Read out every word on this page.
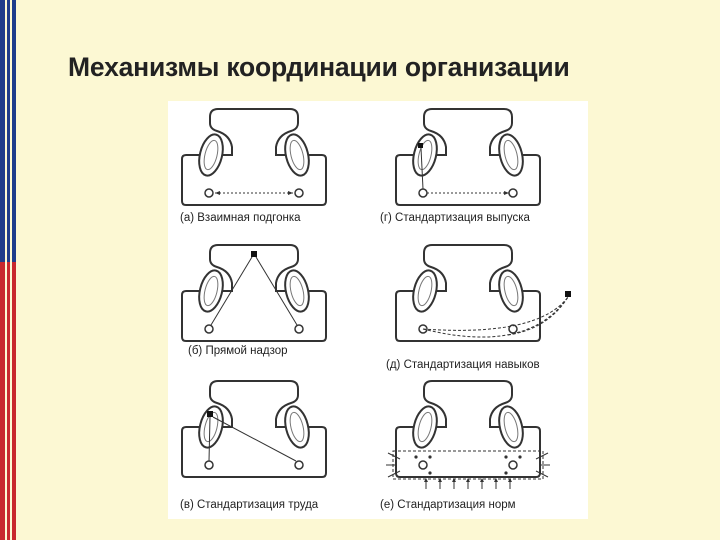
Механизмы координации организации
(а) Взаимная подгонка	(г) Стандартизация выпуска
(б) Прямой надзор
(д) Стандартизация навыков
(в) Стандартизация труда	(е) Стандартизация норм
